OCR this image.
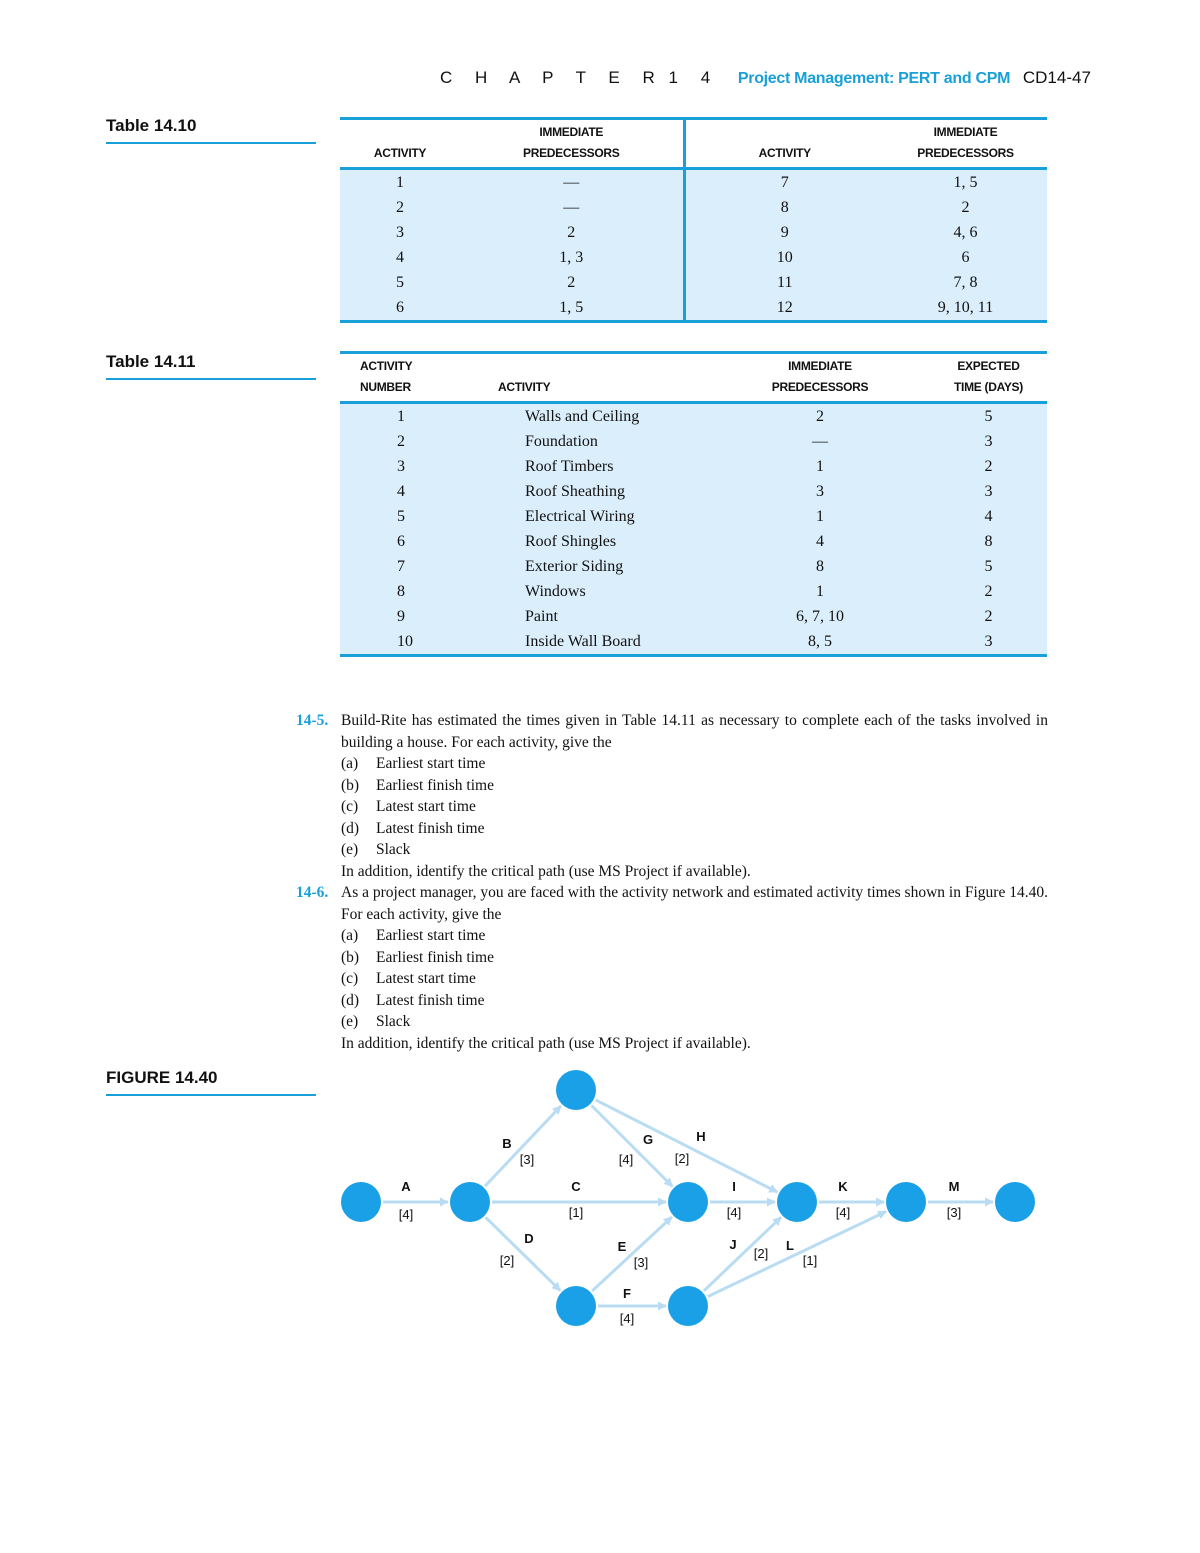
C H A P T E R 1 4 Project Management: PERT and CPM CD14-47
Table 14.10
ACTIVITY	IMMEDIATE PREDECESSORS	ACTIVITY	IMMEDIATE PREDECESSORS
1	—	7	1, 5
2	—	8	2
3	2	9	4, 6
4	1, 3	10	6
5	2	11	7, 8
6	1, 5	12	9, 10, 11
Table 14.11	ACTIVITY NUMBER	ACTIVITY	IMMEDIATE PREDECESSORS	EXPECTED TIME (DAYS)
1	Walls and Ceiling	2	5
2	Foundation	—	3
3	Roof Timbers	1	2
4	Roof Sheathing	3	3
5	Electrical Wiring	1	4
6	Roof Shingles	4	8
7	Exterior Siding	8	5
8	Windows	1	2
9	Paint	6, 7, 10	2
10	Inside Wall Board	8, 5	3
14-5. Build-Rite has estimated the times given in Table 14.11 as necessary to complete each of the tasks involved in building a house. For each activity, give the
(a) Earliest start time
(b) Earliest finish time
(c) Latest start time
(d) Latest finish time
(e) Slack
In addition, identify the critical path (use MS Project if available).
14-6. As a project manager, you are faced with the activity network and estimated activity times shown in Figure 14.40. For each activity, give the
(a) Earliest start time
(b) Earliest finish time
(c) Latest start time
(d) Latest finish time
(e) Slack
In addition, identify the critical path (use MS Project if available).
FIGURE 14.40
A
[4]
B
[3]
C
[1]
D
[2]
E
[3]
F
[4]
G
[4]
H
[2]
I
[4]
J
[2]
K
[4]
L
[1]
M
[3]
